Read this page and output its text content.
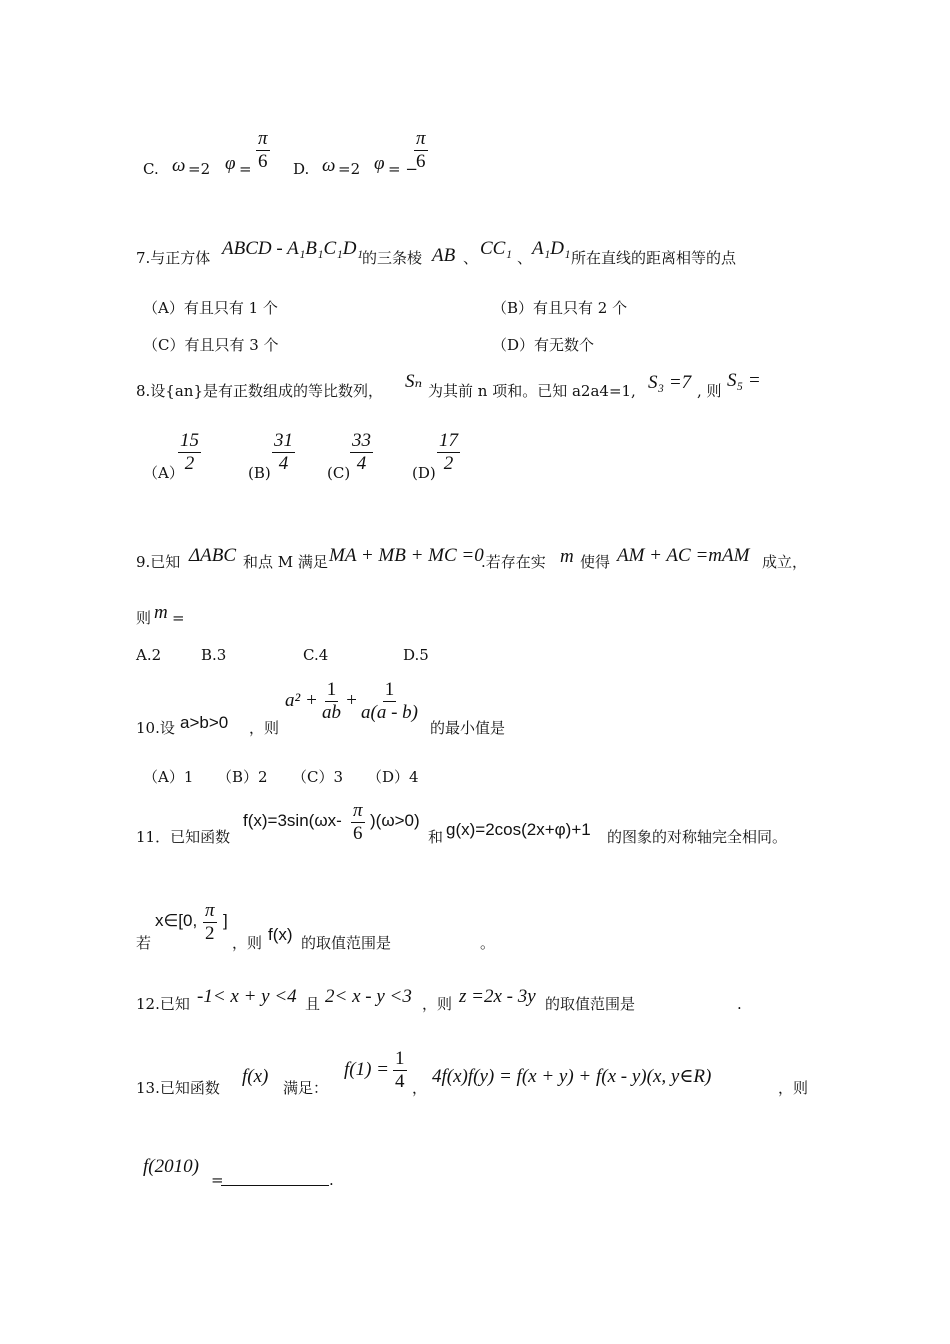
C. ω =2 $\varphi = \frac{\pi}{6} D$. ω =2 φ = −
$\frac{\pi}{6}$
7.与正方体 ABCD - A₁B₁C₁D₁
的三条棱 AB 、 CC₁ 、 A₁D₁ 所在直线的距离相等的点
（A）有且只有 1 个	（B）有且只有 2 个
（C）有且只有 3 个	（D）有无数个
8.设{an}是有正数组成的等比数列， Sₙ 为其前 n 项和。已知 a2a4=1, S₃ =7 , 则 S₅ =
（A）
$\frac{15}{2}$	$(B) \frac{31}{4} (C) \frac{33}{4}$	$(D) \frac{17}{2}$
9.已知 ΔABC 和点 M 满足 MA + MB + MC =0
.若存在实 m 使得 AM + AC =mAM 成立，
则 m =
A.2	B.3	C.4	D.5
10.设 a>b>0 ，则
$a^2 + \frac{1}{ab} + \frac{1}{a(a - b)}$
的最小值是
（A）1 （B）2 （C）3 （D）4
11．已知函数
$f(x)=3\sin(\omega x- \frac{\pi}{6} )(\omega>0)$
和 g(x)=2cos(2x+φ)+1 的图象的对称轴完全相同。
若
x∈[0, $\frac{\pi}{2}$ ]
，则 f(x) 的取值范围是	。
12.已知 -1< x + y <4 且 2< x - y <3 ，则 z =2x - 3y 的取值范围是	.
13.已知函数
f(x)
满足：
$f(1) = \frac{1}{4}$ ，
4f(x)f(y) = f(x + y) + f(x - y)(x, y∈R)
，则
f(2010)
=	.
